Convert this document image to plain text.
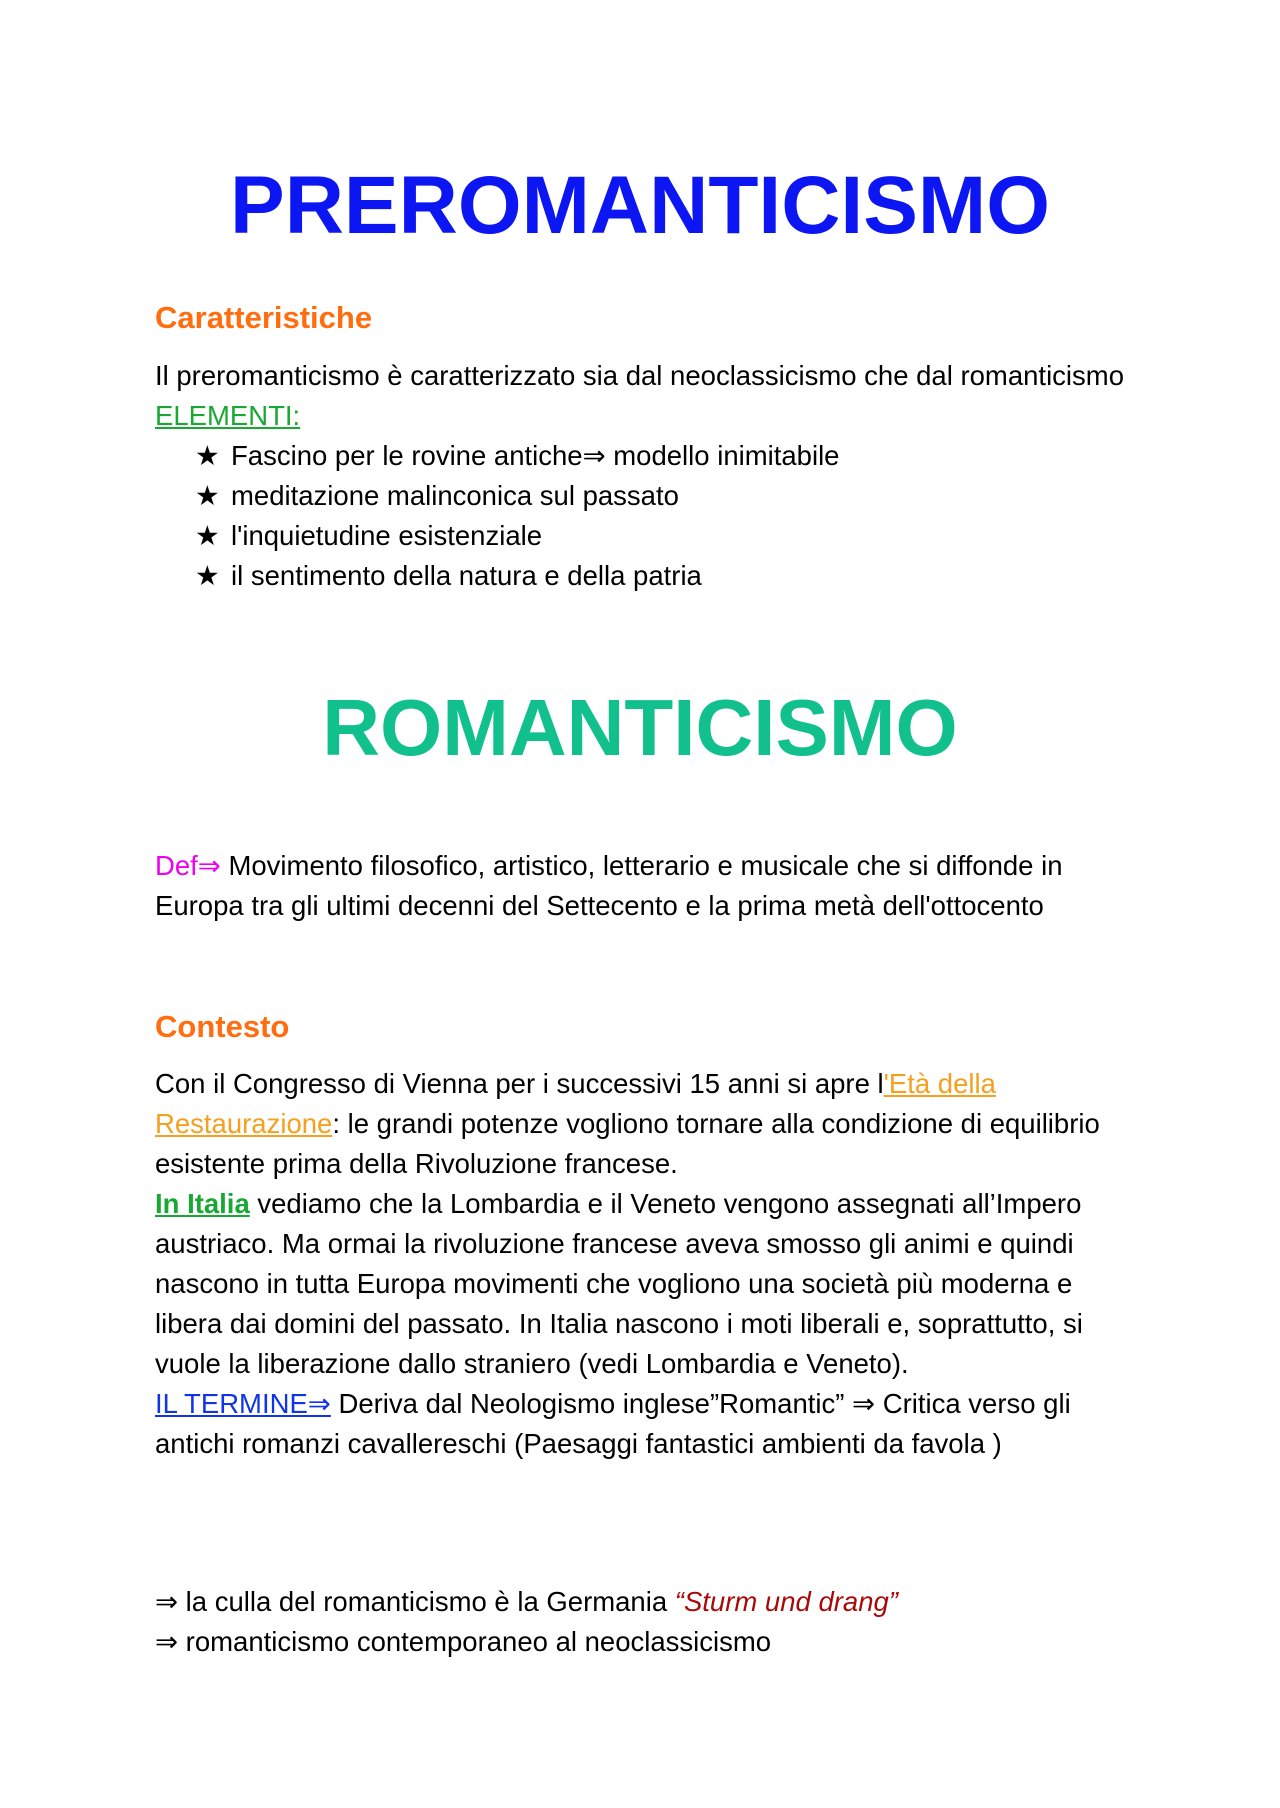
PREROMANTICISMO
Caratteristiche

Il preromanticismo è caratterizzato sia dal neoclassicismo che dal romanticismo

ELEMENTI:

★ Fascino per le rovine antiche⇒ modello inimitabile
★ meditazione malinconica sul passato
★ l'inquietudine esistenziale
★ il sentimento della natura e della patria
ROMANTICISMO

Def⇒ Movimento filosofico, artistico, letterario e musicale che si diffonde in Europa tra gli ultimi decenni del Settecento e la prima metà dell'ottocento

Contesto

Con il Congresso di Vienna per i successivi 15 anni si apre l'Età della Restaurazione: le grandi potenze vogliono tornare alla condizione di equilibrio esistente prima della Rivoluzione francese.

In Italia vediamo che la Lombardia e il Veneto vengono assegnati all’Impero austriaco. Ma ormai la rivoluzione francese aveva smosso gli animi e quindi nascono in tutta Europa movimenti che vogliono una società più moderna e libera dai domini del passato. In Italia nascono i moti liberali e, soprattutto, si vuole la liberazione dallo straniero (vedi Lombardia e Veneto).

IL TERMINE⇒ Deriva dal Neologismo inglese”Romantic” ⇒ Critica verso gli antichi romanzi cavallereschi (Paesaggi fantastici ambienti da favola )

⇒ la culla del romanticismo è la Germania “Sturm und drang”

⇒ romanticismo contemporaneo al neoclassicismo
